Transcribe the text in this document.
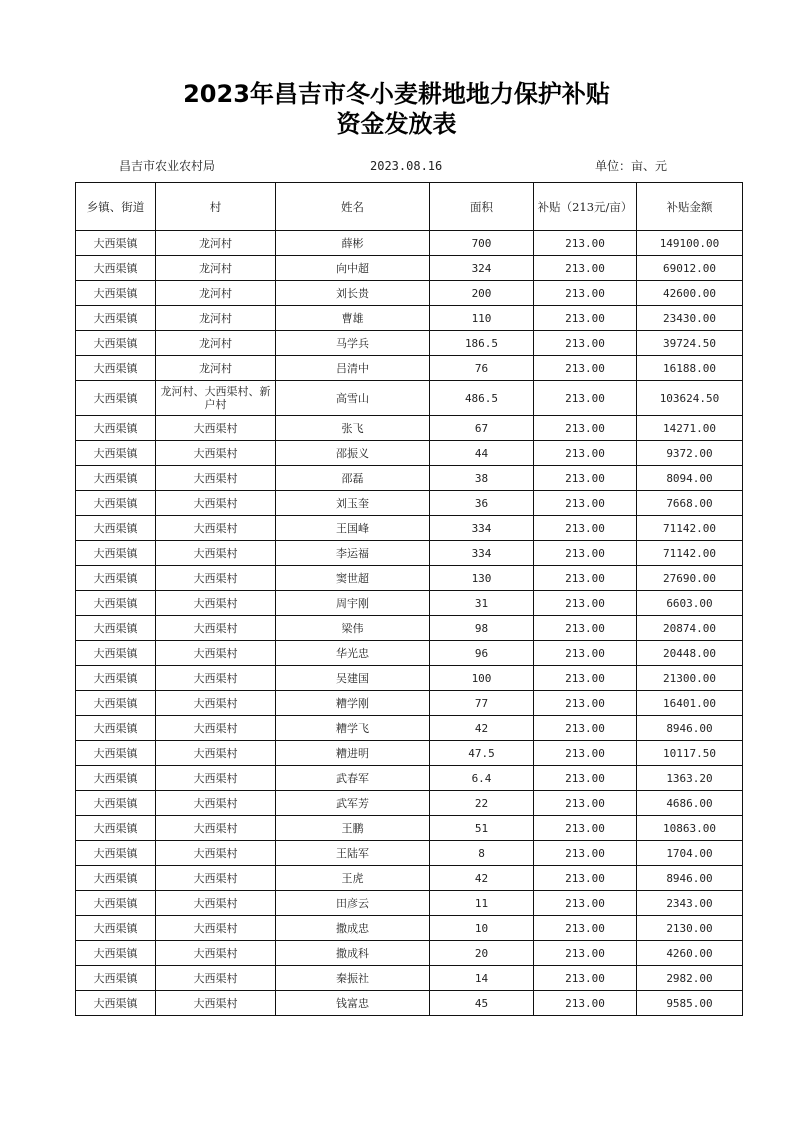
2023年昌吉市冬小麦耕地地力保护补贴
资金发放表
昌吉市农业农村局	2023.08.16	单位：亩、元
乡镇、街道	村	姓名	面积	补贴（213元/亩）	补贴金额
大西渠镇	龙河村	薛彬	700	213.00	149100.00
大西渠镇	龙河村	向中超	324	213.00	69012.00
大西渠镇	龙河村	刘长贵	200	213.00	42600.00
大西渠镇	龙河村	曹雄	110	213.00	23430.00
大西渠镇	龙河村	马学兵	186.5	213.00	39724.50
大西渠镇	龙河村	吕清中	76	213.00	16188.00
大西渠镇	龙河村、大西渠村、新户村	高雪山	486.5	213.00	103624.50
大西渠镇	大西渠村	张飞	67	213.00	14271.00
大西渠镇	大西渠村	邵振义	44	213.00	9372.00
大西渠镇	大西渠村	邵磊	38	213.00	8094.00
大西渠镇	大西渠村	刘玉奎	36	213.00	7668.00
大西渠镇	大西渠村	王国峰	334	213.00	71142.00
大西渠镇	大西渠村	李运福	334	213.00	71142.00
大西渠镇	大西渠村	窦世超	130	213.00	27690.00
大西渠镇	大西渠村	周宇刚	31	213.00	6603.00
大西渠镇	大西渠村	梁伟	98	213.00	20874.00
大西渠镇	大西渠村	华光忠	96	213.00	20448.00
大西渠镇	大西渠村	吴建国	100	213.00	21300.00
大西渠镇	大西渠村	糟学刚	77	213.00	16401.00
大西渠镇	大西渠村	糟学飞	42	213.00	8946.00
大西渠镇	大西渠村	糟进明	47.5	213.00	10117.50
大西渠镇	大西渠村	武春军	6.4	213.00	1363.20
大西渠镇	大西渠村	武军芳	22	213.00	4686.00
大西渠镇	大西渠村	王鹏	51	213.00	10863.00
大西渠镇	大西渠村	王陆军	8	213.00	1704.00
大西渠镇	大西渠村	王虎	42	213.00	8946.00
大西渠镇	大西渠村	田彦云	11	213.00	2343.00
大西渠镇	大西渠村	撒成忠	10	213.00	2130.00
大西渠镇	大西渠村	撒成科	20	213.00	4260.00
大西渠镇	大西渠村	秦振社	14	213.00	2982.00
大西渠镇	大西渠村	钱富忠	45	213.00	9585.00
